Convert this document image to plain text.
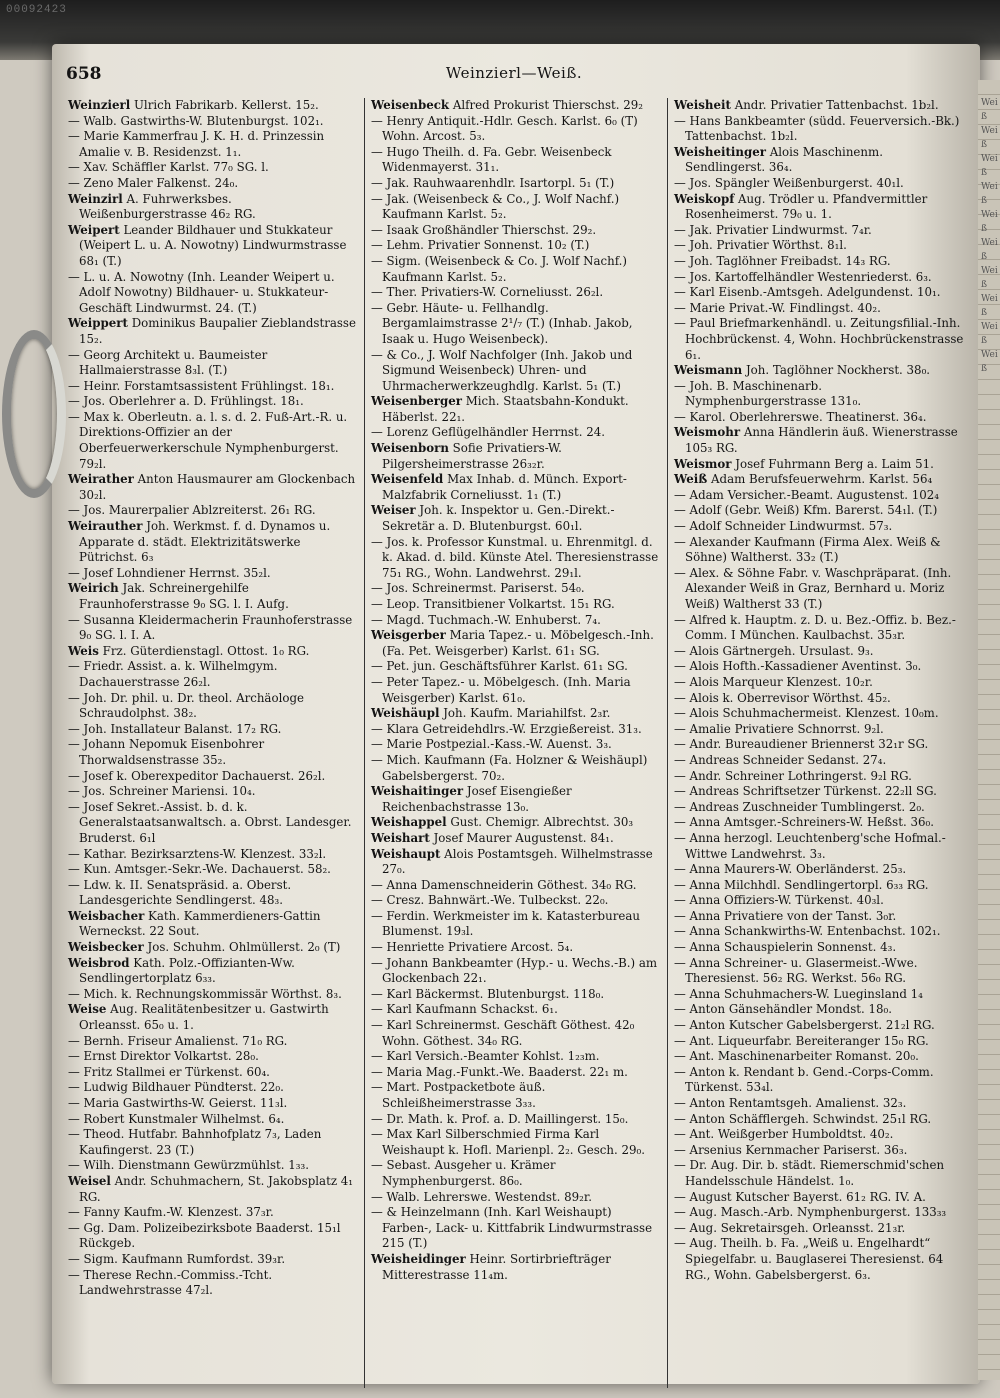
00092423
Weiß Weiß Weiß Weiß Weiß Weiß Weiß Weiß Weiß Weiß
658	Weinzierl—Weiß.

Weinzierl Ulrich Fabrikarb. Kellerst. 15₂.

— Walb. Gastwirths-W. Blutenburgst. 102₁.

— Marie Kammerfrau J. K. H. d. Prinzessin Amalie v. B. Residenzst. 1₁.

— Xav. Schäffler Karlst. 77₀ SG. l.

— Zeno Maler Falkenst. 24₀.

Weinzirl A. Fuhrwerksbes. Weißenburgerstrasse 46₂ RG.

Weipert Leander Bildhauer und Stukkateur (Weipert L. u. A. Nowotny) Lindwurmstrasse 68₁ (T.)

— L. u. A. Nowotny (Inh. Leander Weipert u. Adolf Nowotny) Bildhauer- u. Stukkateur-Geschäft Lindwurmst. 24. (T.)

Weippert Dominikus Baupalier Zieblandstrasse 15₂.

— Georg Architekt u. Baumeister Hallmaierstrasse 8₃l. (T.)

— Heinr. Forstamtsassistent Frühlingst. 18₁.

— Jos. Oberlehrer a. D. Frühlingst. 18₁.

— Max k. Oberleutn. a. l. s. d. 2. Fuß-Art.-R. u. Direktions-Offizier an der Oberfeuerwerkerschule Nymphenburgerst. 79₂l.

Weirather Anton Hausmaurer am Glockenbach 30₂l.

— Jos. Maurerpalier Ablzreiterst. 26₁ RG.

Weirauther Joh. Werkmst. f. d. Dynamos u. Apparate d. städt. Elektrizitätswerke Pütrichst. 6₃

— Josef Lohndiener Herrnst. 35₂l.

Weirich Jak. Schreinergehilfe Fraunhoferstrasse 9₀ SG. l. I. Aufg.

— Susanna Kleidermacherin Fraunhoferstrasse 9₀ SG. l. I. A.

Weis Frz. Güterdienstagl. Ottost. 1₀ RG.

— Friedr. Assist. a. k. Wilhelmgym. Dachauerstrasse 26₂l.

— Joh. Dr. phil. u. Dr. theol. Archäologe Schraudolphst. 38₂.

— Joh. Installateur Balanst. 17₂ RG.

— Johann Nepomuk Eisenbohrer Thorwaldsenstrasse 35₂.

— Josef k. Oberexpeditor Dachauerst. 26₂l.

— Jos. Schreiner Mariensi. 10₄.

— Josef Sekret.-Assist. b. d. k. Generalstaatsanwaltsch. a. Obrst. Landesger. Bruderst. 6₁l

— Kathar. Bezirksarztens-W. Klenzest. 33₂l.

— Kun. Amtsger.-Sekr.-We. Dachauerst. 58₂.

— Ldw. k. II. Senatspräsid. a. Oberst. Landesgerichte Sendlingerst. 48₃.

Weisbacher Kath. Kammerdieners-Gattin Werneckst. 22 Sout.

Weisbecker Jos. Schuhm. Ohlmüllerst. 2₀ (T)

Weisbrod Kath. Polz.-Offizianten-Ww. Sendlingertorplatz 6₃₃.

— Mich. k. Rechnungskommissär Wörthst. 8₃.

Weise Aug. Realitätenbesitzer u. Gastwirth Orleansst. 65₀ u. 1.

— Bernh. Friseur Amalienst. 71₀ RG.

— Ernst Direktor Volkartst. 28₀.

— Fritz Stallmei er Türkenst. 60₄.

— Ludwig Bildhauer Pündterst. 22₀.

— Maria Gastwirths-W. Geierst. 11₃l.

— Robert Kunstmaler Wilhelmst. 6₄.

— Theod. Hutfabr. Bahnhofplatz 7₃, Laden Kaufingerst. 23 (T.)

— Wilh. Dienstmann Gewürzmühlst. 1₃₃.

Weisel Andr. Schuhmachern, St. Jakobsplatz 4₁ RG.

— Fanny Kaufm.-W. Klenzest. 37₃r.

— Gg. Dam. Polizeibezirksbote Baaderst. 15₁l Rückgeb.

— Sigm. Kaufmann Rumfordst. 39₃r.

— Therese Rechn.-Commiss.-Tcht. Landwehrstrasse 47₂l.

Weisenbeck Alfred Prokurist Thierschst. 29₂

— Henry Antiquit.-Hdlr. Gesch. Karlst. 6₀ (T) Wohn. Arcost. 5₃.

— Hugo Theilh. d. Fa. Gebr. Weisenbeck Widenmayerst. 31₁.

— Jak. Rauhwaarenhdlr. Isartorpl. 5₁ (T.)

— Jak. (Weisenbeck & Co., J. Wolf Nachf.) Kaufmann Karlst. 5₂.

— Isaak Großhändler Thierschst. 29₂.

— Lehm. Privatier Sonnenst. 10₂ (T.)

— Sigm. (Weisenbeck & Co. J. Wolf Nachf.) Kaufmann Karlst. 5₂.

— Ther. Privatiers-W. Corneliusst. 26₂l.

— Gebr. Häute- u. Fellhandlg. Bergamlaimstrasse 2¹/₇ (T.) (Inhab. Jakob, Isaak u. Hugo Weisenbeck).

— & Co., J. Wolf Nachfolger (Inh. Jakob und Sigmund Weisenbeck) Uhren- und Uhrmacherwerkzeughdlg. Karlst. 5₁ (T.)

Weisenberger Mich. Staatsbahn-Kondukt. Häberlst. 22₁.

— Lorenz Geflügelhändler Herrnst. 24.

Weisenborn Sofie Privatiers-W. Pilgersheimerstrasse 26₃₂r.

Weisenfeld Max Inhab. d. Münch. Export-Malzfabrik Corneliusst. 1₁ (T.)

Weiser Joh. k. Inspektor u. Gen.-Direkt.-Sekretär a. D. Blutenburgst. 60₁l.

— Jos. k. Professor Kunstmal. u. Ehrenmitgl. d. k. Akad. d. bild. Künste Atel. Theresienstrasse 75₁ RG., Wohn. Landwehrst. 29₁l.

— Jos. Schreinermst. Pariserst. 54₀.

— Leop. Transitbiener Volkartst. 15₁ RG.

— Magd. Tuchmach.-W. Enhuberst. 7₄.

Weisgerber Maria Tapez.- u. Möbelgesch.-Inh. (Fa. Pet. Weisgerber) Karlst. 61₁ SG.

— Pet. jun. Geschäftsführer Karlst. 61₁ SG.

— Peter Tapez.- u. Möbelgesch. (Inh. Maria Weisgerber) Karlst. 61₀.

Weishäupl Joh. Kaufm. Mariahilfst. 2₃r.

— Klara Getreidehdlrs.-W. Erzgießereist. 31₃.

— Marie Postpezial.-Kass.-W. Auenst. 3₃.

— Mich. Kaufmann (Fa. Holzner & Weishäupl) Gabelsbergerst. 70₂.

Weishaitinger Josef Eisengießer Reichenbachstrasse 13₀.

Weishappel Gust. Chemigr. Albrechtst. 30₃

Weishart Josef Maurer Augustenst. 84₁.

Weishaupt Alois Postamtsgeh. Wilhelmstrasse 27₀.

— Anna Damenschneiderin Göthest. 34₀ RG.

— Cresz. Bahnwärt.-We. Tulbeckst. 22₀.

— Ferdin. Werkmeister im k. Katasterbureau Blumenst. 19₃l.

— Henriette Privatiere Arcost. 5₄.

— Johann Bankbeamter (Hyp.- u. Wechs.-B.) am Glockenbach 22₁.

— Karl Bäckermst. Blutenburgst. 118₀.

— Karl Kaufmann Schackst. 6₁.

— Karl Schreinermst. Geschäft Göthest. 42₀ Wohn. Göthest. 34₀ RG.

— Karl Versich.-Beamter Kohlst. 1₂₃m.

— Maria Mag.-Funkt.-We. Baaderst. 22₁ m.

— Mart. Postpacketbote äuß. Schleißheimerstrasse 3₃₃.

— Dr. Math. k. Prof. a. D. Maillingerst. 15₀.

— Max Karl Silberschmied Firma Karl Weishaupt k. Hofl. Marienpl. 2₂. Gesch. 29₀.

— Sebast. Ausgeher u. Krämer Nymphenburgerst. 86₀.

— Walb. Lehrerswe. Westendst. 89₂r.

— & Heinzelmann (Inh. Karl Weishaupt) Farben-, Lack- u. Kittfabrik Lindwurmstrasse 215 (T.)

Weisheidinger Heinr. Sortirbriefträger Mitterestrasse 11₄m.

Weisheit Andr. Privatier Tattenbachst. 1b₂l.

— Hans Bankbeamter (südd. Feuerversich.-Bk.) Tattenbachst. 1b₂l.

Weisheitinger Alois Maschinenm. Sendlingerst. 36₄.

— Jos. Spängler Weißenburgerst. 40₁l.

Weiskopf Aug. Trödler u. Pfandvermittler Rosenheimerst. 79₀ u. 1.

— Jak. Privatier Lindwurmst. 7₄r.

— Joh. Privatier Wörthst. 8₁l.

— Joh. Taglöhner Freibadst. 14₃ RG.

— Jos. Kartoffelhändler Westenriederst. 6₃.

— Karl Eisenb.-Amtsgeh. Adelgundenst. 10₁.

— Marie Privat.-W. Findlingst. 40₂.

— Paul Briefmarkenhändl. u. Zeitungsfilial.-Inh. Hochbrückenst. 4, Wohn. Hochbrückenstrasse 6₁.

Weismann Joh. Taglöhner Nockherst. 38₀.

— Joh. B. Maschinenarb. Nymphenburgerstrasse 131₀.

— Karol. Oberlehrerswe. Theatinerst. 36₄.

Weismohr Anna Händlerin äuß. Wienerstrasse 105₃ RG.

Weismor Josef Fuhrmann Berg a. Laim 51.

Weiß Adam Berufsfeuerwehrm. Karlst. 56₄

— Adam Versicher.-Beamt. Augustenst. 102₄

— Adolf (Gebr. Weiß) Kfm. Barerst. 54₁l. (T.)

— Adolf Schneider Lindwurmst. 57₃.

— Alexander Kaufmann (Firma Alex. Weiß & Söhne) Waltherst. 33₂ (T.)

— Alex. & Söhne Fabr. v. Waschpräparat. (Inh. Alexander Weiß in Graz, Bernhard u. Moriz Weiß) Waltherst 33 (T.)

— Alfred k. Hauptm. z. D. u. Bez.-Offiz. b. Bez.-Comm. I München. Kaulbachst. 35₃r.

— Alois Gärtnergeh. Ursulast. 9₃.

— Alois Hofth.-Kassadiener Aventinst. 3₀.

— Alois Marqueur Klenzest. 10₂r.

— Alois k. Oberrevisor Wörthst. 45₂.

— Alois Schuhmachermeist. Klenzest. 10₀m.

— Amalie Privatiere Schnorrst. 9₂l.

— Andr. Bureaudiener Briennerst 32₁r SG.

— Andreas Schneider Sedanst. 27₄.

— Andr. Schreiner Lothringerst. 9₂l RG.

— Andreas Schriftsetzer Türkenst. 22₂ll SG.

— Andreas Zuschneider Tumblingerst. 2₀.

— Anna Amtsger.-Schreiners-W. Heßst. 36₀.

— Anna herzogl. Leuchtenberg'sche Hofmal.-Wittwe Landwehrst. 3₃.

— Anna Maurers-W. Oberländerst. 25₃.

— Anna Milchhdl. Sendlingertorpl. 6₃₃ RG.

— Anna Offiziers-W. Türkenst. 40₃l.

— Anna Privatiere von der Tanst. 3₀r.

— Anna Schankwirths-W. Entenbachst. 102₁.

— Anna Schauspielerin Sonnenst. 4₃.

— Anna Schreiner- u. Glasermeist.-Wwe. Theresienst. 56₂ RG. Werkst. 56₀ RG.

— Anna Schuhmachers-W. Lueginsland 1₄

— Anton Gänsehändler Mondst. 18₀.

— Anton Kutscher Gabelsbergerst. 21₂l RG.

— Ant. Liqueurfabr. Bereiteranger 15₀ RG.

— Ant. Maschinenarbeiter Romanst. 20₀.

— Anton k. Rendant b. Gend.-Corps-Comm. Türkenst. 53₄l.

— Anton Rentamtsgeh. Amalienst. 32₃.

— Anton Schäfflergeh. Schwindst. 25₁l RG.

— Ant. Weißgerber Humboldtst. 40₂.

— Arsenius Kernmacher Pariserst. 36₃.

— Dr. Aug. Dir. b. städt. Riemerschmid'schen Handelsschule Händelst. 1₀.

— August Kutscher Bayerst. 61₂ RG. IV. A.

— Aug. Masch.-Arb. Nymphenburgerst. 133₃₃

— Aug. Sekretairsgeh. Orleansst. 21₃r.

— Aug. Theilh. b. Fa. „Weiß u. Engelhardt“ Spiegelfabr. u. Bauglaserei Theresienst. 64 RG., Wohn. Gabelsbergerst. 6₃.
